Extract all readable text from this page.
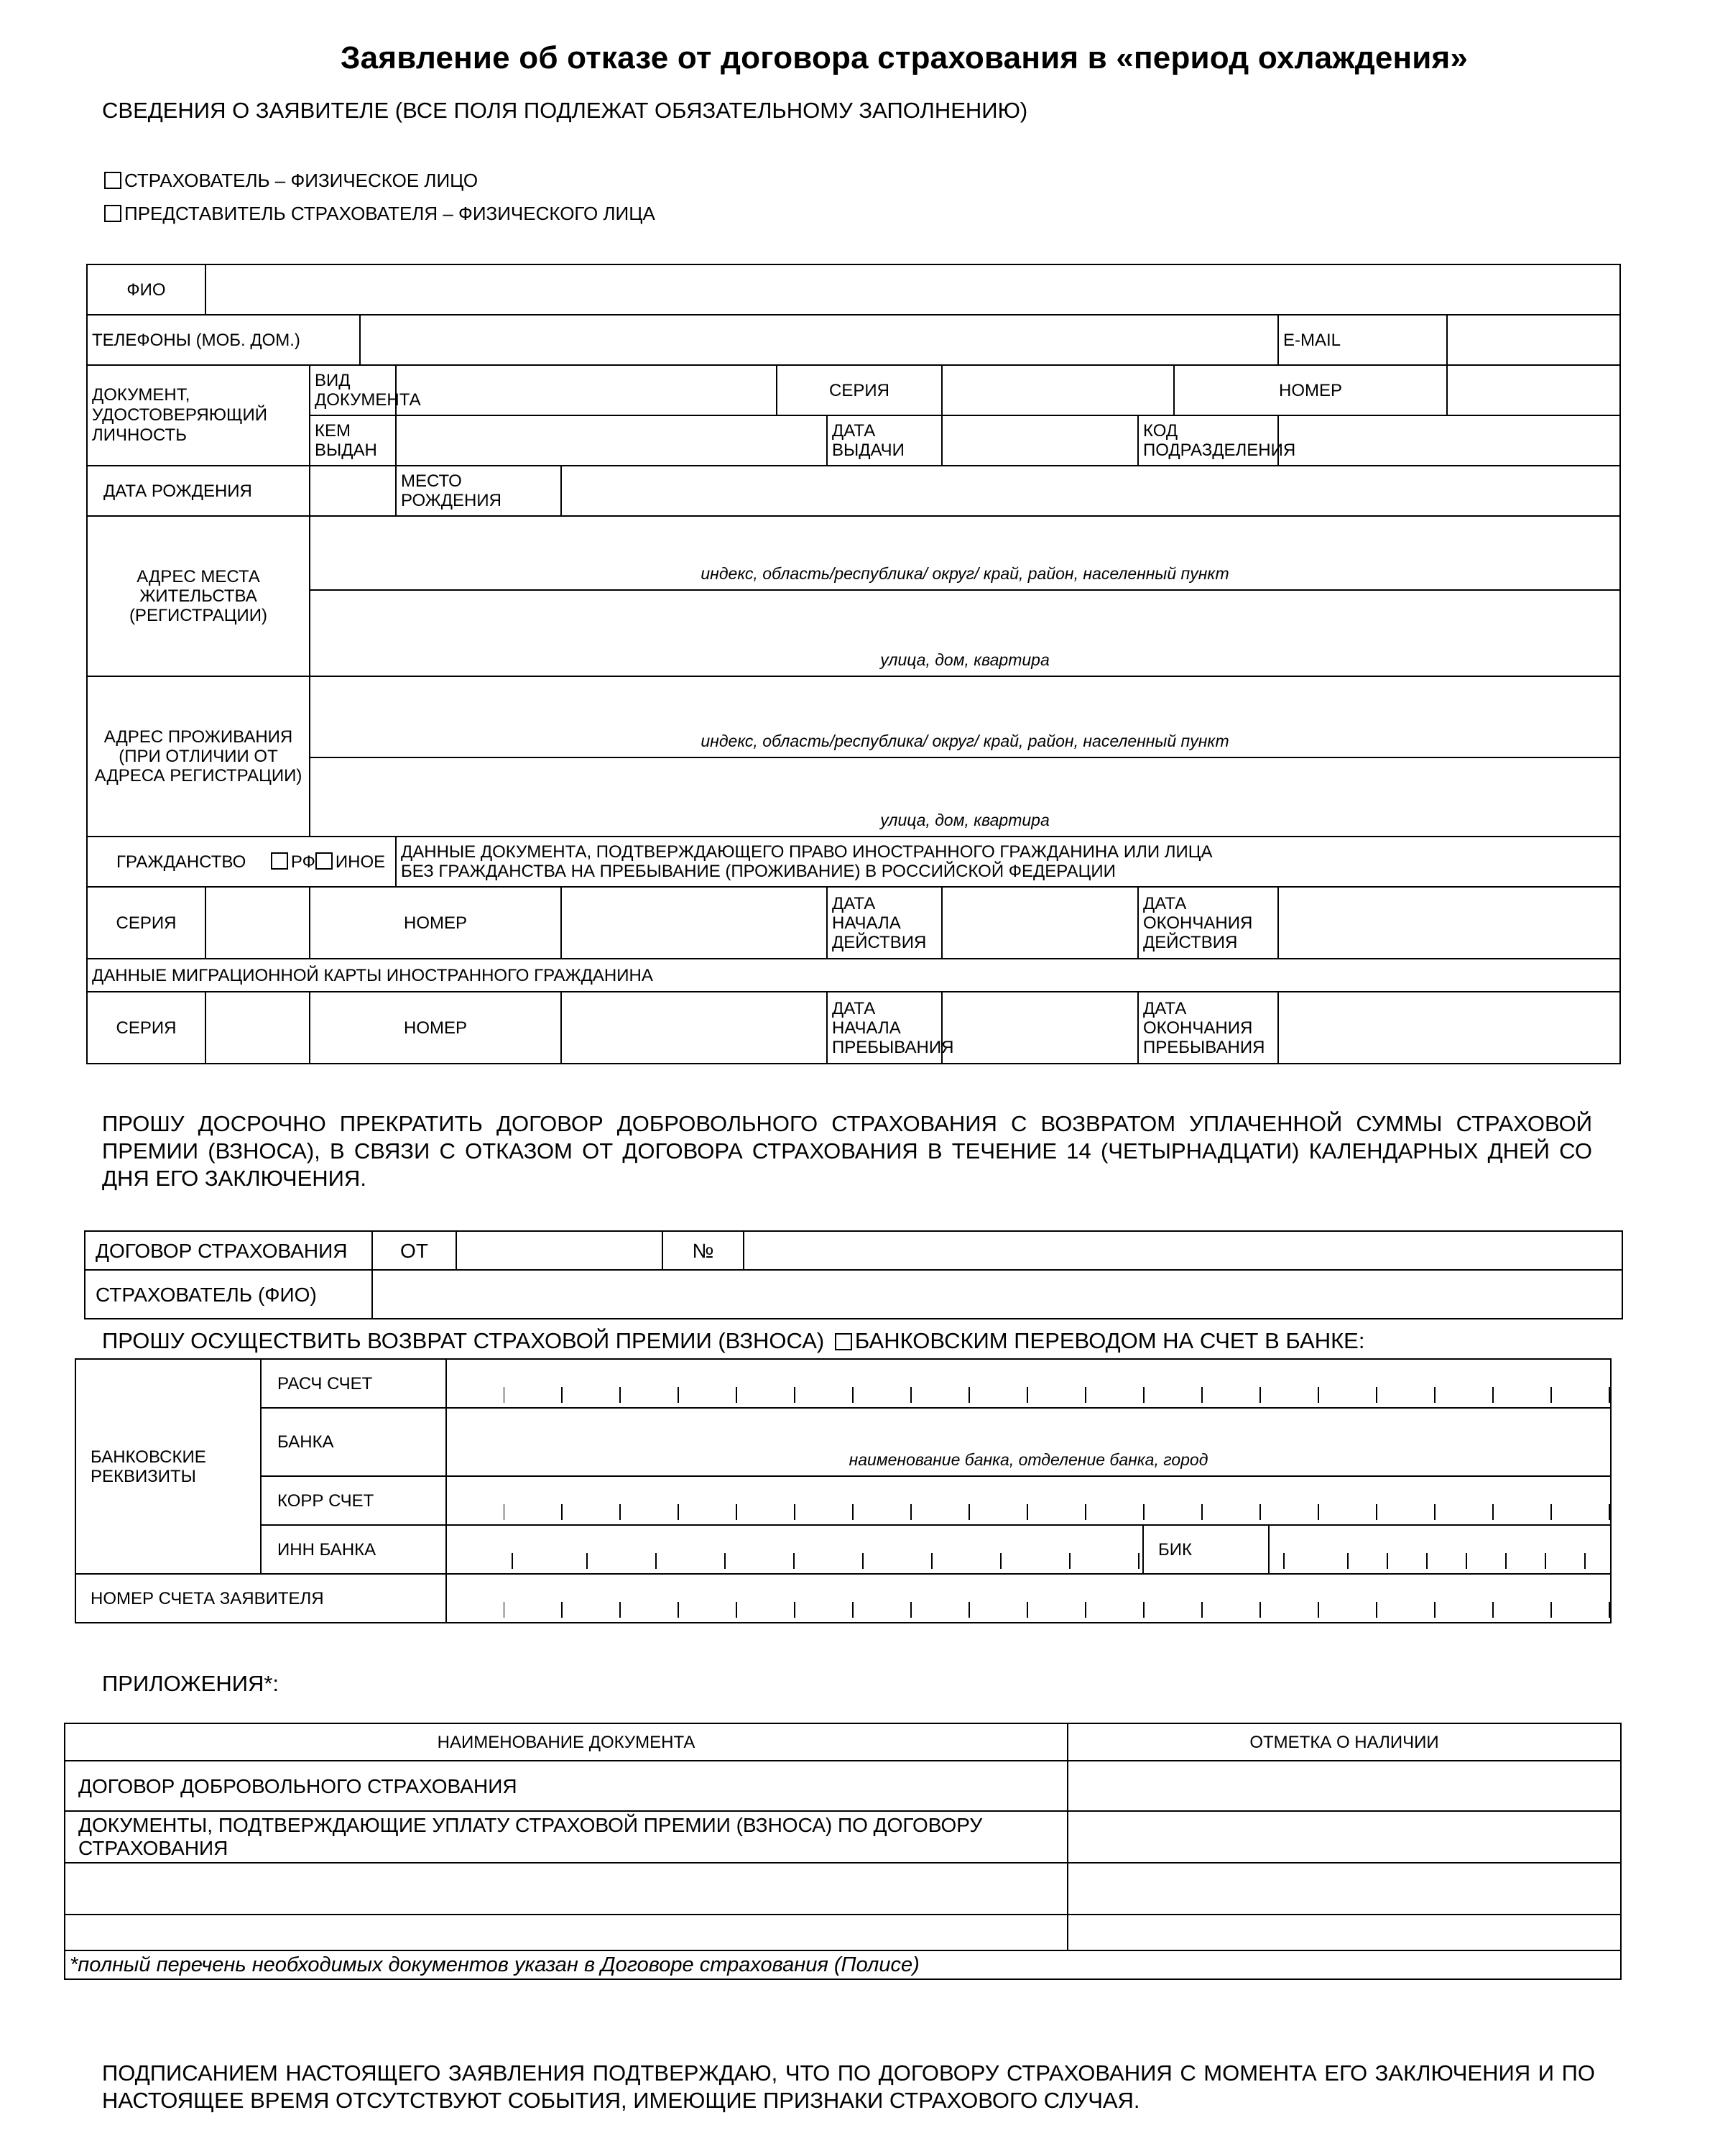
Заявление об отказе от договора страхования в «период охлаждения»
СВЕДЕНИЯ О ЗАЯВИТЕЛЕ (ВСЕ ПОЛЯ ПОДЛЕЖАТ ОБЯЗАТЕЛЬНОМУ ЗАПОЛНЕНИЮ)
СТРАХОВАТЕЛЬ – ФИЗИЧЕСКОЕ ЛИЦО
ПРЕДСТАВИТЕЛЬ СТРАХОВАТЕЛЯ – ФИЗИЧЕСКОГО ЛИЦА
ФИО												
ТЕЛЕФОНЫ (МОБ. ДОМ.)											E-MAIL	
ДОКУМЕНТ, УДОСТОВЕРЯЮЩИЙ ЛИЧНОСТЬ		ВИД ДОКУМЕНТА				СЕРИЯ				НОМЕР		
		КЕМ ВЫДАН					ДАТА ВЫДАЧИ		КОД ПОДРАЗДЕЛЕНИЯ			
ДАТА РОЖДЕНИЯ				МЕСТО РОЖДЕНИЯ								
АДРЕС МЕСТА ЖИТЕЛЬСТВА (РЕГИСТРАЦИИ)		индекс, область/республика/ округ/ край, район, населенный пункт										

		улица, дом, квартира										

АДРЕС ПРОЖИВАНИЯ (ПРИ ОТЛИЧИИ ОТ АДРЕСА РЕГИСТРАЦИИ)		индекс, область/республика/ округ/ край, район, населенный пункт										

		улица, дом, квартира										

ГРАЖДАНСТВО РФ ИНОЕ				ДАННЫЕ ДОКУМЕНТА, ПОДТВЕРЖДАЮЩЕГО ПРАВО ИНОСТРАННОГО ГРАЖДАНИНА ИЛИ ЛИЦА БЕЗ ГРАЖДАНСТВА НА ПРЕБЫВАНИЕ (ПРОЖИВАНИЕ) В РОССИЙСКОЙ ФЕДЕРАЦИИ								
СЕРИЯ		НОМЕР					ДАТА НАЧАЛА ДЕЙСТВИЯ		ДАТА ОКОНЧАНИЯ ДЕЙСТВИЯ			
ДАННЫЕ МИГРАЦИОННОЙ КАРТЫ ИНОСТРАННОГО ГРАЖДАНИНА												
СЕРИЯ		НОМЕР					ДАТА НАЧАЛА ПРЕБЫВАНИЯ		ДАТА ОКОНЧАНИЯ ПРЕБЫВАНИЯ			
ПРОШУ ДОСРОЧНО ПРЕКРАТИТЬ ДОГОВОР ДОБРОВОЛЬНОГО СТРАХОВАНИЯ С ВОЗВРАТОМ УПЛАЧЕННОЙ СУММЫ СТРАХОВОЙ ПРЕМИИ (ВЗНОСА), В СВЯЗИ С ОТКАЗОМ ОТ ДОГОВОРА СТРАХОВАНИЯ В ТЕЧЕНИЕ 14 (ЧЕТЫРНАДЦАТИ) КАЛЕНДАРНЫХ ДНЕЙ СО ДНЯ ЕГО ЗАКЛЮЧЕНИЯ.
ДОГОВОР СТРАХОВАНИЯ	ОТ		№	
СТРАХОВАТЕЛЬ (ФИО)				
ПРОШУ ОСУЩЕСТВИТЬ ВОЗВРАТ СТРАХОВОЙ ПРЕМИИ (ВЗНОСА) БАНКОВСКИМ ПЕРЕВОДОМ НА СЧЕТ В БАНКЕ:
БАНКОВСКИЕ РЕКВИЗИТЫ	РАСЧ СЧЕТ			

	БАНКА	наименование банка, отделение банка, город		

	КОРР СЧЕТ			

	ИНН БАНКА		БИК	

НОМЕР СЧЕТА ЗАЯВИТЕЛЯ				
ПРИЛОЖЕНИЯ*:
НАИМЕНОВАНИЕ ДОКУМЕНТА	ОТМЕТКА О НАЛИЧИИ
ДОГОВОР ДОБРОВОЛЬНОГО СТРАХОВАНИЯ	
ДОКУМЕНТЫ, ПОДТВЕРЖДАЮЩИЕ УПЛАТУ СТРАХОВОЙ ПРЕМИИ (ВЗНОСА) ПО ДОГОВОРУ СТРАХОВАНИЯ	

*полный перечень необходимых документов указан в Договоре страхования (Полисе)	
ПОДПИСАНИЕМ НАСТОЯЩЕГО ЗАЯВЛЕНИЯ ПОДТВЕРЖДАЮ, ЧТО ПО ДОГОВОРУ СТРАХОВАНИЯ С МОМЕНТА ЕГО ЗАКЛЮЧЕНИЯ И ПО НАСТОЯЩЕЕ ВРЕМЯ ОТСУТСТВУЮТ СОБЫТИЯ, ИМЕЮЩИЕ ПРИЗНАКИ СТРАХОВОГО СЛУЧАЯ.
